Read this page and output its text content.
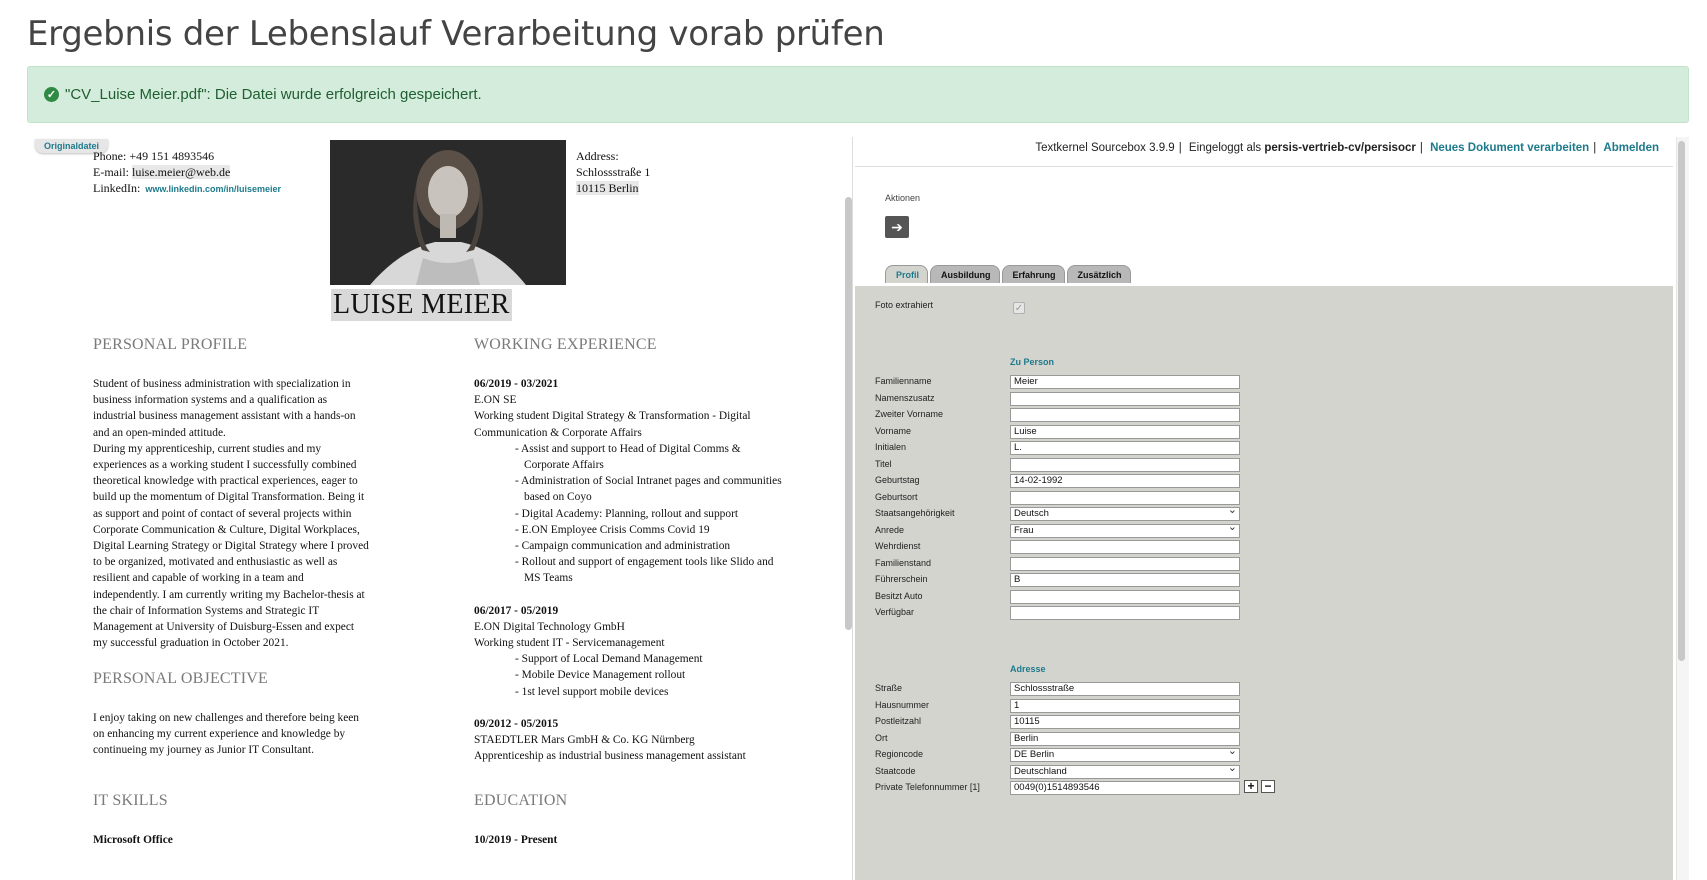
Ergebnis der Lebenslauf Verarbeitung vorab prüfen
✓ "CV_Luise Meier.pdf": Die Datei wurde erfolgreich gespeichert.
Originaldatei
Phone: +49 151 4893546
E-mail: luise.meier@web.de
LinkedIn: www.linkedin.com/in/luisemeier
Address:
Schlossstraße 1
10115 Berlin
LUISE MEIER
PERSONAL PROFILE
Student of business administration with specialization in
business information systems and a qualification as
industrial business management assistant with a hands-on
and an open-minded attitude.
During my apprenticeship, current studies and my
experiences as a working student I successfully combined
theoretical knowledge with practical experiences, eager to
build up the momentum of Digital Transformation. Being it
as support and point of contact of several projects within
Corporate Communication & Culture, Digital Workplaces,
Digital Learning Strategy or Digital Strategy where I proved
to be organized, motivated and enthusiastic as well as
resilient and capable of working in a team and
independently. I am currently writing my Bachelor-thesis at
the chair of Information Systems and Strategic IT
Management at University of Duisburg-Essen and expect
my successful graduation in October 2021.
PERSONAL OBJECTIVE
I enjoy taking on new challenges and therefore being keen
on enhancing my current experience and knowledge by
continueing my journey as Junior IT Consultant.
IT SKILLS
Microsoft Office
WORKING EXPERIENCE
06/2019 - 03/2021
E.ON SE
Working student Digital Strategy & Transformation - Digital
Communication & Corporate Affairs
- Assist and support to Head of Digital Comms & Corporate Affairs
- Administration of Social Intranet pages and communities based on Coyo
- Digital Academy: Planning, rollout and support
- E.ON Employee Crisis Comms Covid 19
- Campaign communication and administration
- Rollout and support of engagement tools like Slido and MS Teams
06/2017 - 05/2019
E.ON Digital Technology GmbH
Working student IT - Servicemanagement
- Support of Local Demand Management
- Mobile Device Management rollout
- 1st level support mobile devices
09/2012 - 05/2015
STAEDTLER Mars GmbH & Co. KG Nürnberg
Apprenticeship as industrial business management assistant
EDUCATION
10/2019 - Present
Textkernel Sourcebox 3.9.9 | Eingeloggt als persis-vertrieb-cv/persisocr | Neues Dokument verarbeiten | Abmelden
Aktionen
➔
Profil	Ausbildung	Erfahrung	Zusätzlich
Foto extrahiert	✓
Zu Person
Adresse
+ −
Familienname	Meier
Namenszusatz
Zweiter Vorname
Vorname	Luise
Initialen	L.
Titel
Geburtstag	14-02-1992
Geburtsort
Staatsangehörigkeit	Deutsch ⌄
Anrede	Frau ⌄
Wehrdienst
Familienstand
Führerschein	B
Besitzt Auto
Verfügbar
Straße	Schlossstraße
Hausnummer	1
Postleitzahl	10115
Ort	Berlin
Regioncode	DE Berlin ⌄
Staatcode	Deutschland ⌄
Private Telefonnummer [1]	0049(0)1514893546
